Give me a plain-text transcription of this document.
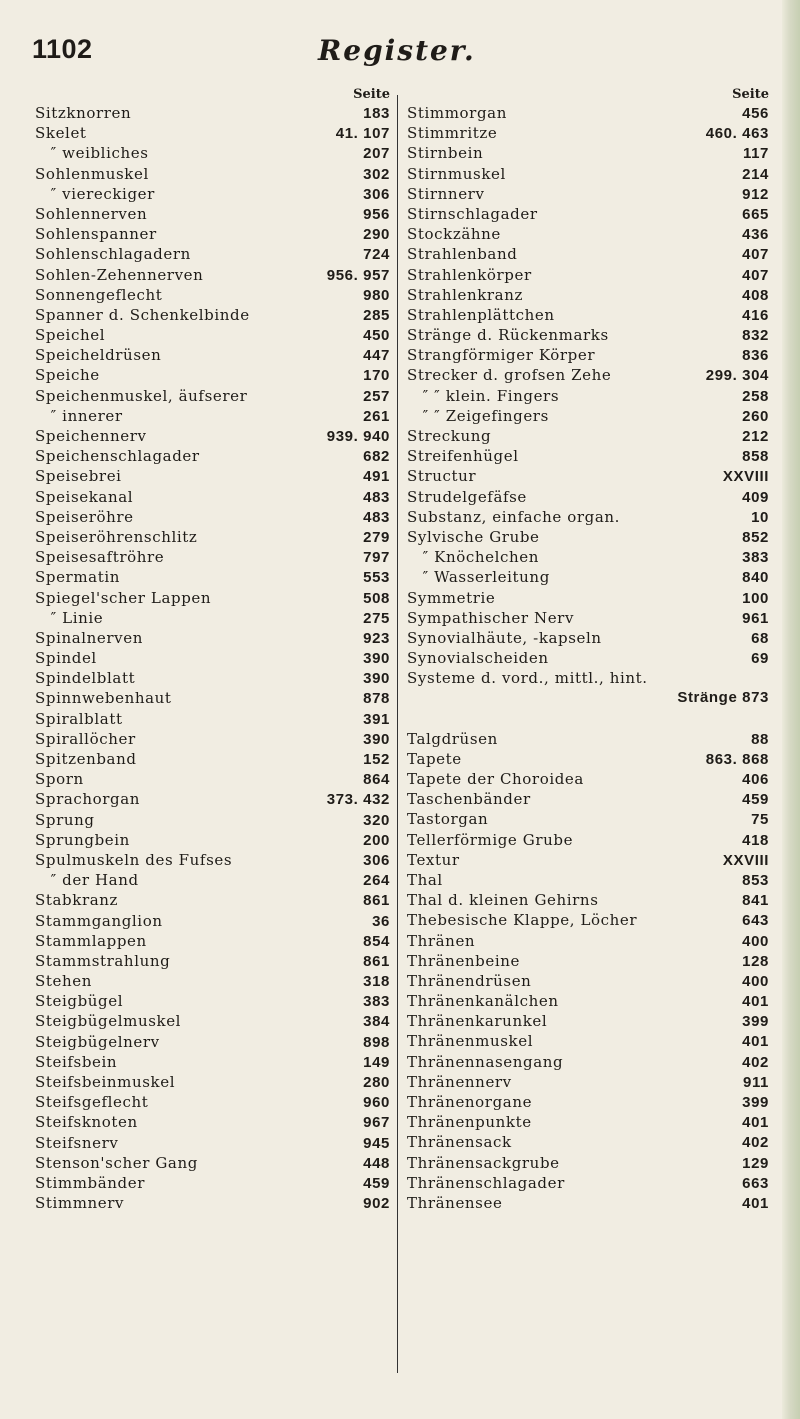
1102	Register.
Seite
Sitzknorren	183
Skelet	41. 107
 ″ weibliches	207
Sohlenmuskel	302
 ″ viereckiger	306
Sohlennerven	956
Sohlenspanner	290
Sohlenschlagadern	724
Sohlen-Zehennerven	956. 957
Sonnengeflecht	980
Spanner d. Schenkelbinde	285
Speichel	450
Speicheldrüsen	447
Speiche	170
Speichenmuskel, äufserer	257
 ″ innerer	261
Speichennerv	939. 940
Speichenschlagader	682
Speisebrei	491
Speisekanal	483
Speiseröhre	483
Speiseröhrenschlitz	279
Speisesaftröhre	797
Spermatin	553
Spiegel'scher Lappen	508
 ″ Linie	275
Spinalnerven	923
Spindel	390
Spindelblatt	390
Spinnwebenhaut	878
Spiralblatt	391
Spirallöcher	390
Spitzenband	152
Sporn	864
Sprachorgan	373. 432
Sprung	320
Sprungbein	200
Spulmuskeln des Fufses	306
 ″ der Hand	264
Stabkranz	861
Stammganglion	36
Stammlappen	854
Stammstrahlung	861
Stehen	318
Steigbügel	383
Steigbügelmuskel	384
Steigbügelnerv	898
Steifsbein	149
Steifsbeinmuskel	280
Steifsgeflecht	960
Steifsknoten	967
Steifsnerv	945
Stenson'scher Gang	448
Stimmbänder	459
Stimmnerv	902
Seite
Stimmorgan	456
Stimmritze	460. 463
Stirnbein	117
Stirnmuskel	214
Stirnnerv	912
Stirnschlagader	665
Stockzähne	436
Strahlenband	407
Strahlenkörper	407
Strahlenkranz	408
Strahlenplättchen	416
Stränge d. Rückenmarks	832
Strangförmiger Körper	836
Strecker d. grofsen Zehe	299. 304
 ″ ″ klein. Fingers	258
 ″ ″ Zeigefingers	260
Streckung	212
Streifenhügel	858
Structur	XXVIII
Strudelgefäfse	409
Substanz, einfache organ.	10
Sylvische Grube	852
 ″ Knöchelchen	383
 ″ Wasserleitung	840
Symmetrie	100
Sympathischer Nerv	961
Synovialhäute, -kapseln	68
Synovialscheiden	69
Systeme d. vord., mittl., hint.
Stränge 873
Talgdrüsen	88
Tapete	863. 868
Tapete der Choroidea	406
Taschenbänder	459
Tastorgan	75
Tellerförmige Grube	418
Textur	XXVIII
Thal	853
Thal d. kleinen Gehirns	841
Thebesische Klappe, Löcher	643
Thränen	400
Thränenbeine	128
Thränendrüsen	400
Thränenkanälchen	401
Thränenkarunkel	399
Thränenmuskel	401
Thränennasengang	402
Thränennerv	911
Thränenorgane	399
Thränenpunkte	401
Thränensack	402
Thränensackgrube	129
Thränenschlagader	663
Thränensee	401
